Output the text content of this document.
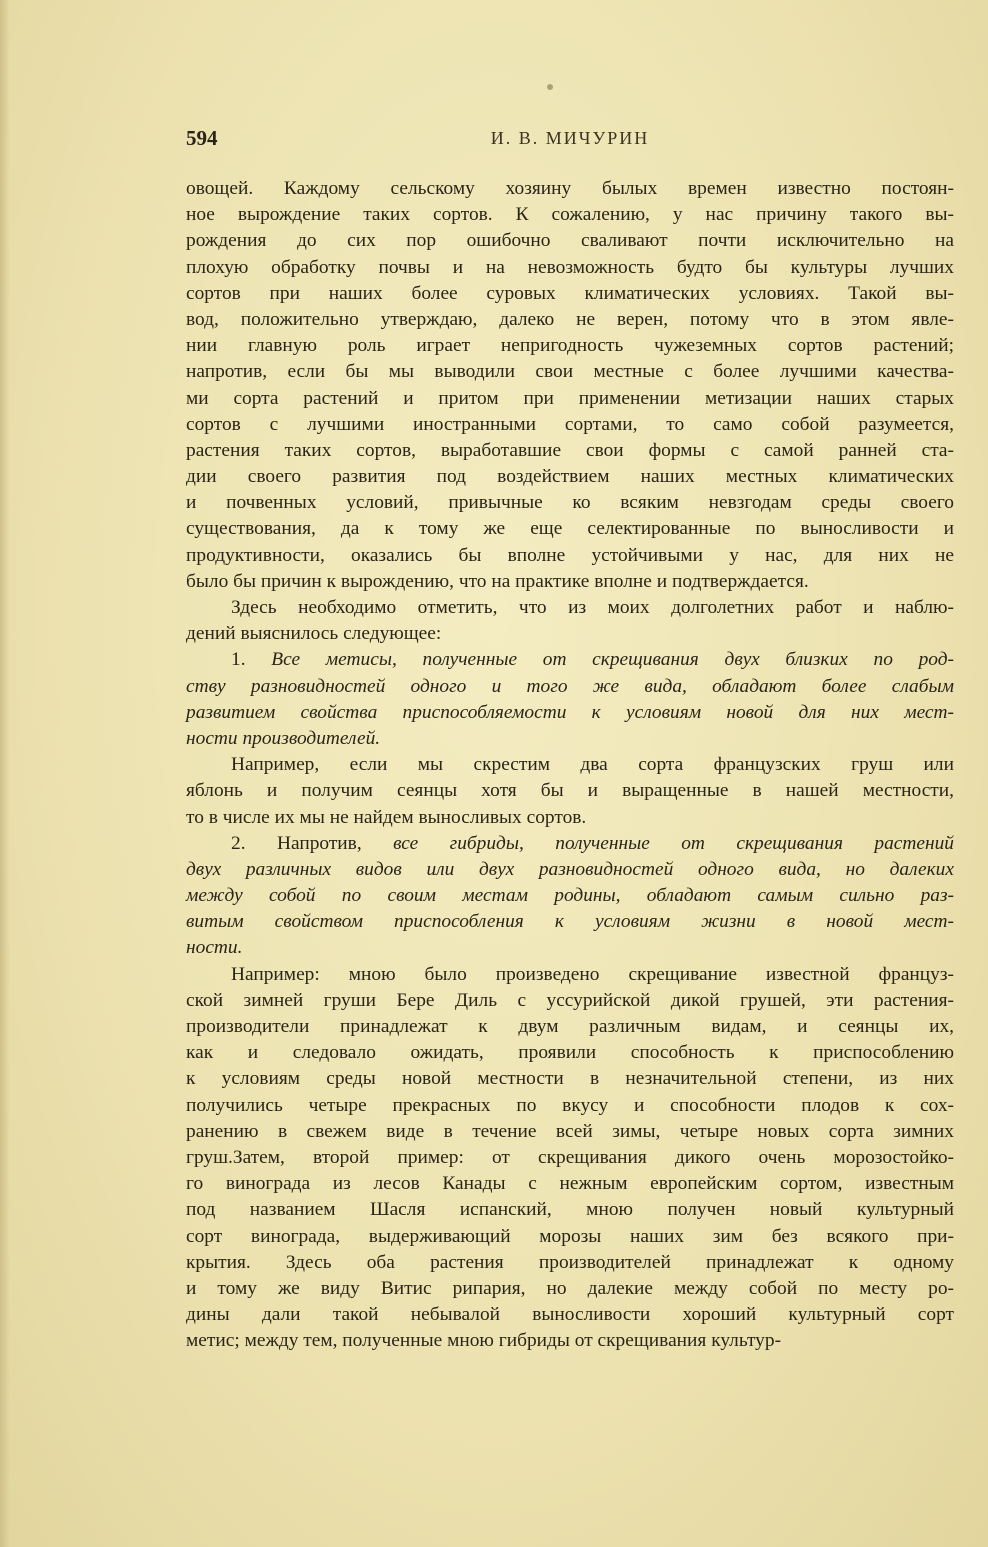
594	И. В. МИЧУРИН
овощей. Каждому сельскому хозяину былых времен известно постоян-
ное вырождение таких сортов. К сожалению, у нас причину такого вы-
рождения до сих пор ошибочно сваливают почти исключительно на
плохую обработку почвы и на невозможность будто бы культуры лучших
сортов при наших более суровых климатических условиях. Такой вы-
вод, положительно утверждаю, далеко не верен, потому что в этом явле-
нии главную роль играет непригодность чужеземных сортов растений;
напротив, если бы мы выводили свои местные с более лучшими качества-
ми сорта растений и притом при применении метизации наших старых
сортов с лучшими иностранными сортами, то само собой разумеется,
растения таких сортов, выработавшие свои формы с самой ранней ста-
дии своего развития под воздействием наших местных климатических
и почвенных условий, привычные ко всяким невзгодам среды своего
существования, да к тому же еще селектированные по выносливости и
продуктивности, оказались бы вполне устойчивыми у нас, для них не
было бы причин к вырождению, что на практике вполне и подтверждается.
Здесь необходимо отметить, что из моих долголетних работ и наблю-
дений выяснилось следующее:
1. Все метисы, полученные от скрещивания двух близких по род-
ству разновидностей одного и того же вида, обладают более слабым
развитием свойства приспособляемости к условиям новой для них мест-
ности производителей.
Например, если мы скрестим два сорта французских груш или
яблонь и получим сеянцы хотя бы и выращенные в нашей местности,
то в числе их мы не найдем выносливых сортов.
2. Напротив, все гибриды, полученные от скрещивания растений
двух различных видов или двух разновидностей одного вида, но далеких
между собой по своим местам родины, обладают самым сильно раз-
витым свойством приспособления к условиям жизни в новой мест-
ности.
Например: мною было произведено скрещивание известной француз-
ской зимней груши Бере Диль с уссурийской дикой грушей, эти растения-
производители принадлежат к двум различным видам, и сеянцы их,
как и следовало ожидать, проявили способность к приспособлению
к условиям среды новой местности в незначительной степени, из них
получились четыре прекрасных по вкусу и способности плодов к сох-
ранению в свежем виде в течение всей зимы, четыре новых сорта зимних
груш.Затем, второй пример: от скрещивания дикого очень морозостойко-
го винограда из лесов Канады с нежным европейским сортом, известным
под названием Шасля испанский, мною получен новый культурный
сорт винограда, выдерживающий морозы наших зим без всякого при-
крытия. Здесь оба растения производителей принадлежат к одному
и тому же виду Витис рипария, но далекие между собой по месту ро-
дины дали такой небывалой выносливости хороший культурный сорт
метис; между тем, полученные мною гибриды от скрещивания культур-
